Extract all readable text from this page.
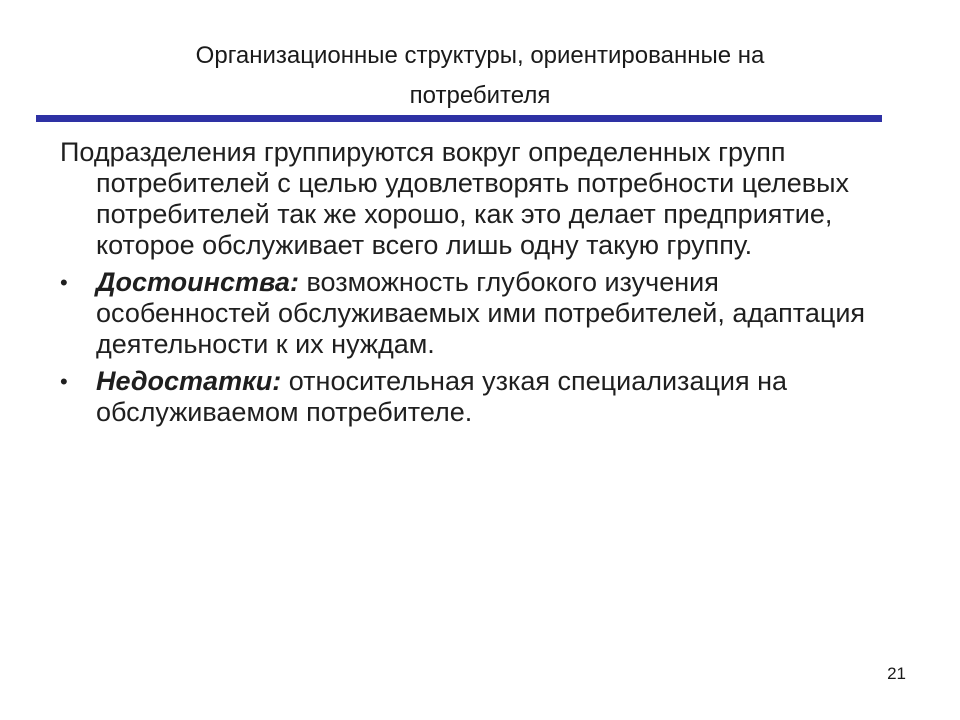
Организационные структуры, ориентированные на
потребителя

Подразделения группируются вокруг определенных групп потребителей с целью удовлетворять потребности целевых потребителей так же хорошо, как это делает предприятие, которое обслуживает всего лишь одну такую группу.

•	Достоинства: возможность глубокого изучения особенностей обслуживаемых ими потребителей, адаптация деятельности к их нуждам.
•	Недостатки: относительная узкая специализация на обслуживаемом потребителе.
21
